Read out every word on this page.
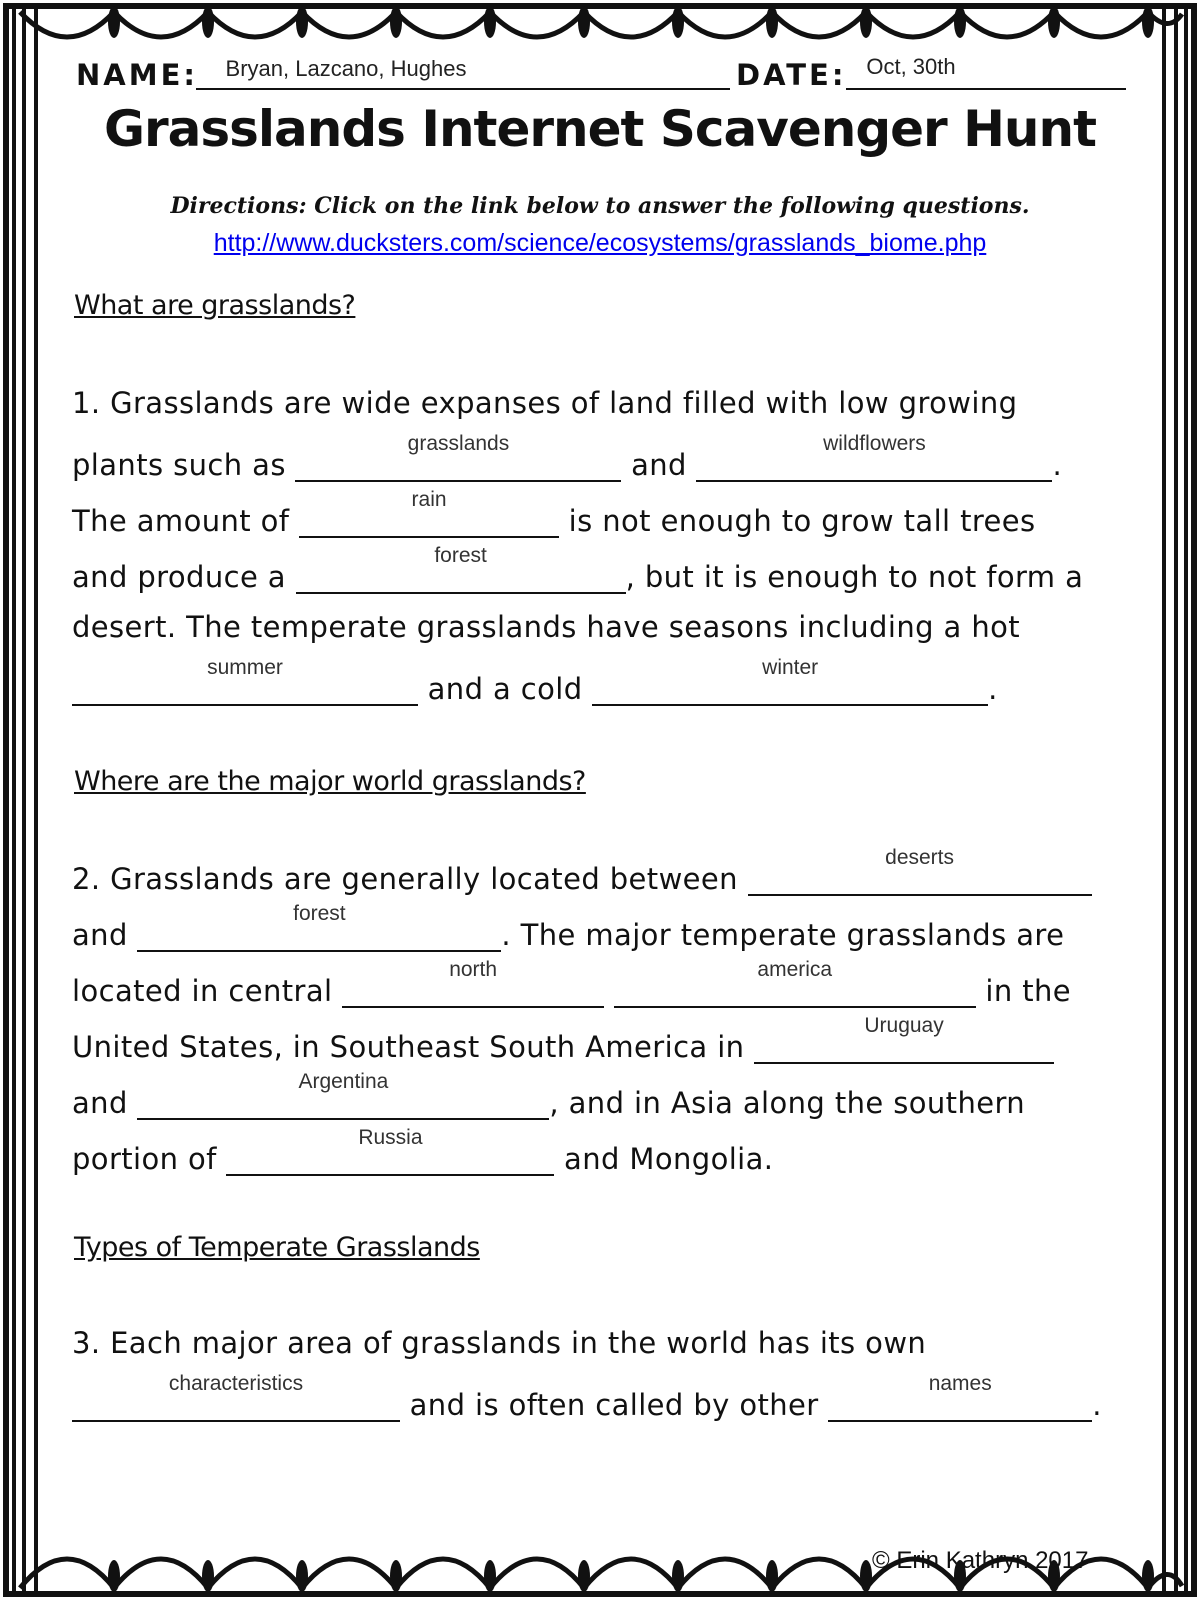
NAME:	Bryan, Lazcano, Hughes	DATE: Oct, 30th
Grasslands Internet Scavenger Hunt
Directions: Click on the link below to answer the following questions.
http://www.ducksters.com/science/ecosystems/grasslands_biome.php
What are grasslands?
1. Grasslands are wide expanses of land filled with low growing
plants such as
grasslands
and
wildflowers
.
The amount of
rain
is not enough to grow tall trees
and produce a
forest
, but it is enough to not form a
desert. The temperate grasslands have seasons including a hot
summer
and a cold
winter
.
Where are the major world grasslands?
2. Grasslands are generally located between
deserts
and
forest
. The major temperate grasslands are
located in central
north
	america
in the
United States, in Southeast South America in
Uruguay
and
Argentina
, and in Asia along the southern
portion of
Russia
and Mongolia.
Types of Temperate Grasslands
3. Each major area of grasslands in the world has its own
characteristics
and is often called by other
names
.
© Erin Kathryn 2017
